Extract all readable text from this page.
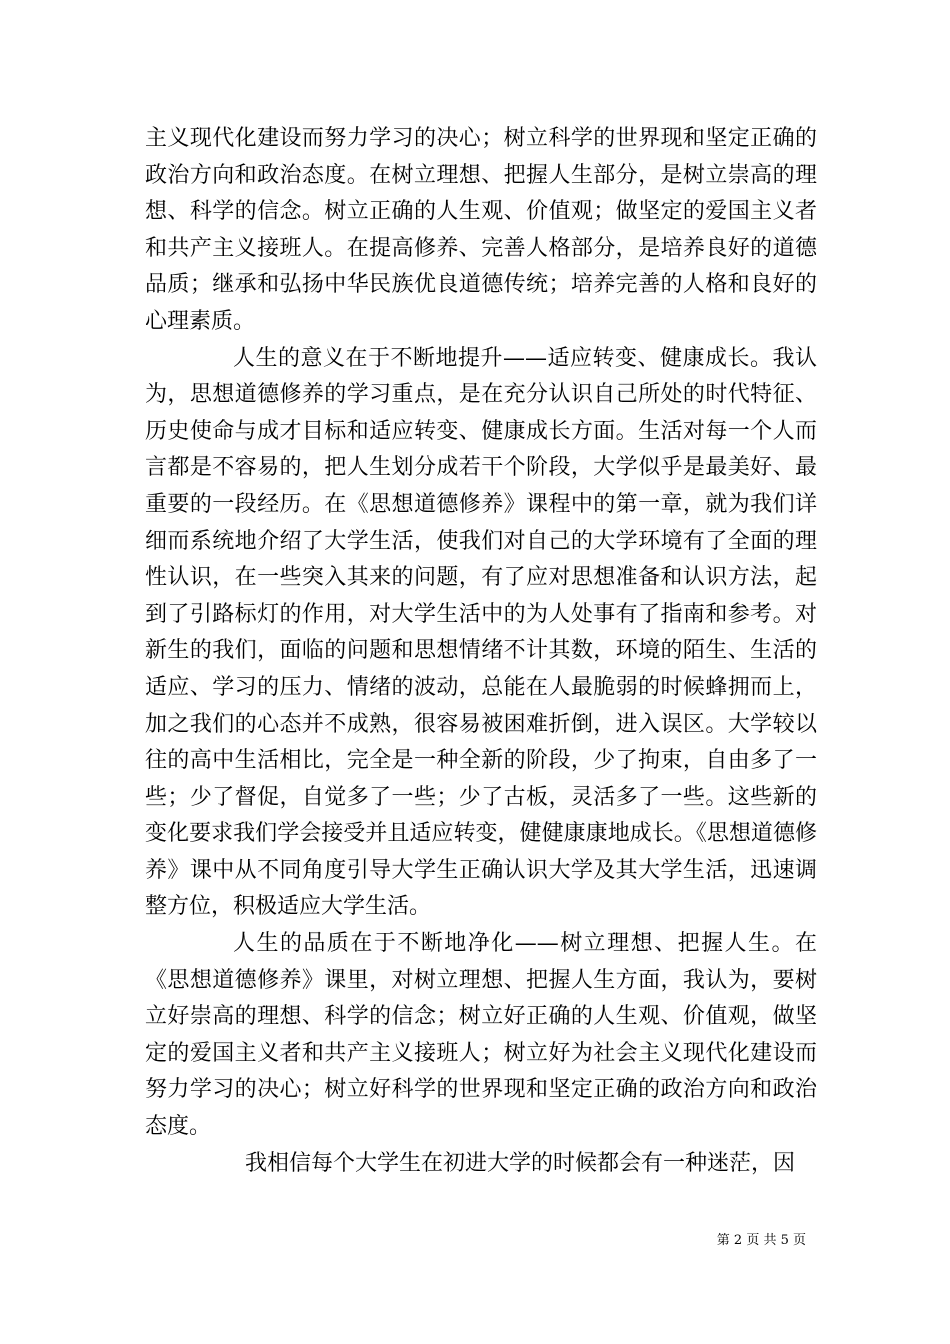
主义现代化建设而努力学习的决心；树立科学的世界现和坚定正确的政治方向和政治态度。在树立理想、把握人生部分，是树立崇高的理想、科学的信念。树立正确的人生观、价值观；做坚定的爱国主义者和共产主义接班人。在提高修养、完善人格部分，是培养良好的道德品质；继承和弘扬中华民族优良道德传统；培养完善的人格和良好的心理素质。

人生的意义在于不断地提升——适应转变、健康成长。我认为，思想道德修养的学习重点，是在充分认识自己所处的时代特征、历史使命与成才目标和适应转变、健康成长方面。生活对每一个人而言都是不容易的，把人生划分成若干个阶段，大学似乎是最美好、最重要的一段经历。在《思想道德修养》课程中的第一章，就为我们详细而系统地介绍了大学生活，使我们对自己的大学环境有了全面的理性认识，在一些突入其来的问题，有了应对思想准备和认识方法，起到了引路标灯的作用，对大学生活中的为人处事有了指南和参考。对新生的我们，面临的问题和思想情绪不计其数，环境的陌生、生活的适应、学习的压力、情绪的波动，总能在人最脆弱的时候蜂拥而上，加之我们的心态并不成熟，很容易被困难折倒，进入误区。大学较以往的高中生活相比，完全是一种全新的阶段，少了拘束，自由多了一些；少了督促，自觉多了一些；少了古板，灵活多了一些。这些新的变化要求我们学会接受并且适应转变，健健康康地成长。《思想道德修养》课中从不同角度引导大学生正确认识大学及其大学生活，迅速调整方位，积极适应大学生活。

人生的品质在于不断地净化——树立理想、把握人生。在《思想道德修养》课里，对树立理想、把握人生方面，我认为，要树立好崇高的理想、科学的信念；树立好正确的人生观、价值观，做坚定的爱国主义者和共产主义接班人；树立好为社会主义现代化建设而努力学习的决心；树立好科学的世界现和坚定正确的政治方向和政治态度。

我相信每个大学生在初进大学的时候都会有一种迷茫，因

第 2 页 共 5 页
